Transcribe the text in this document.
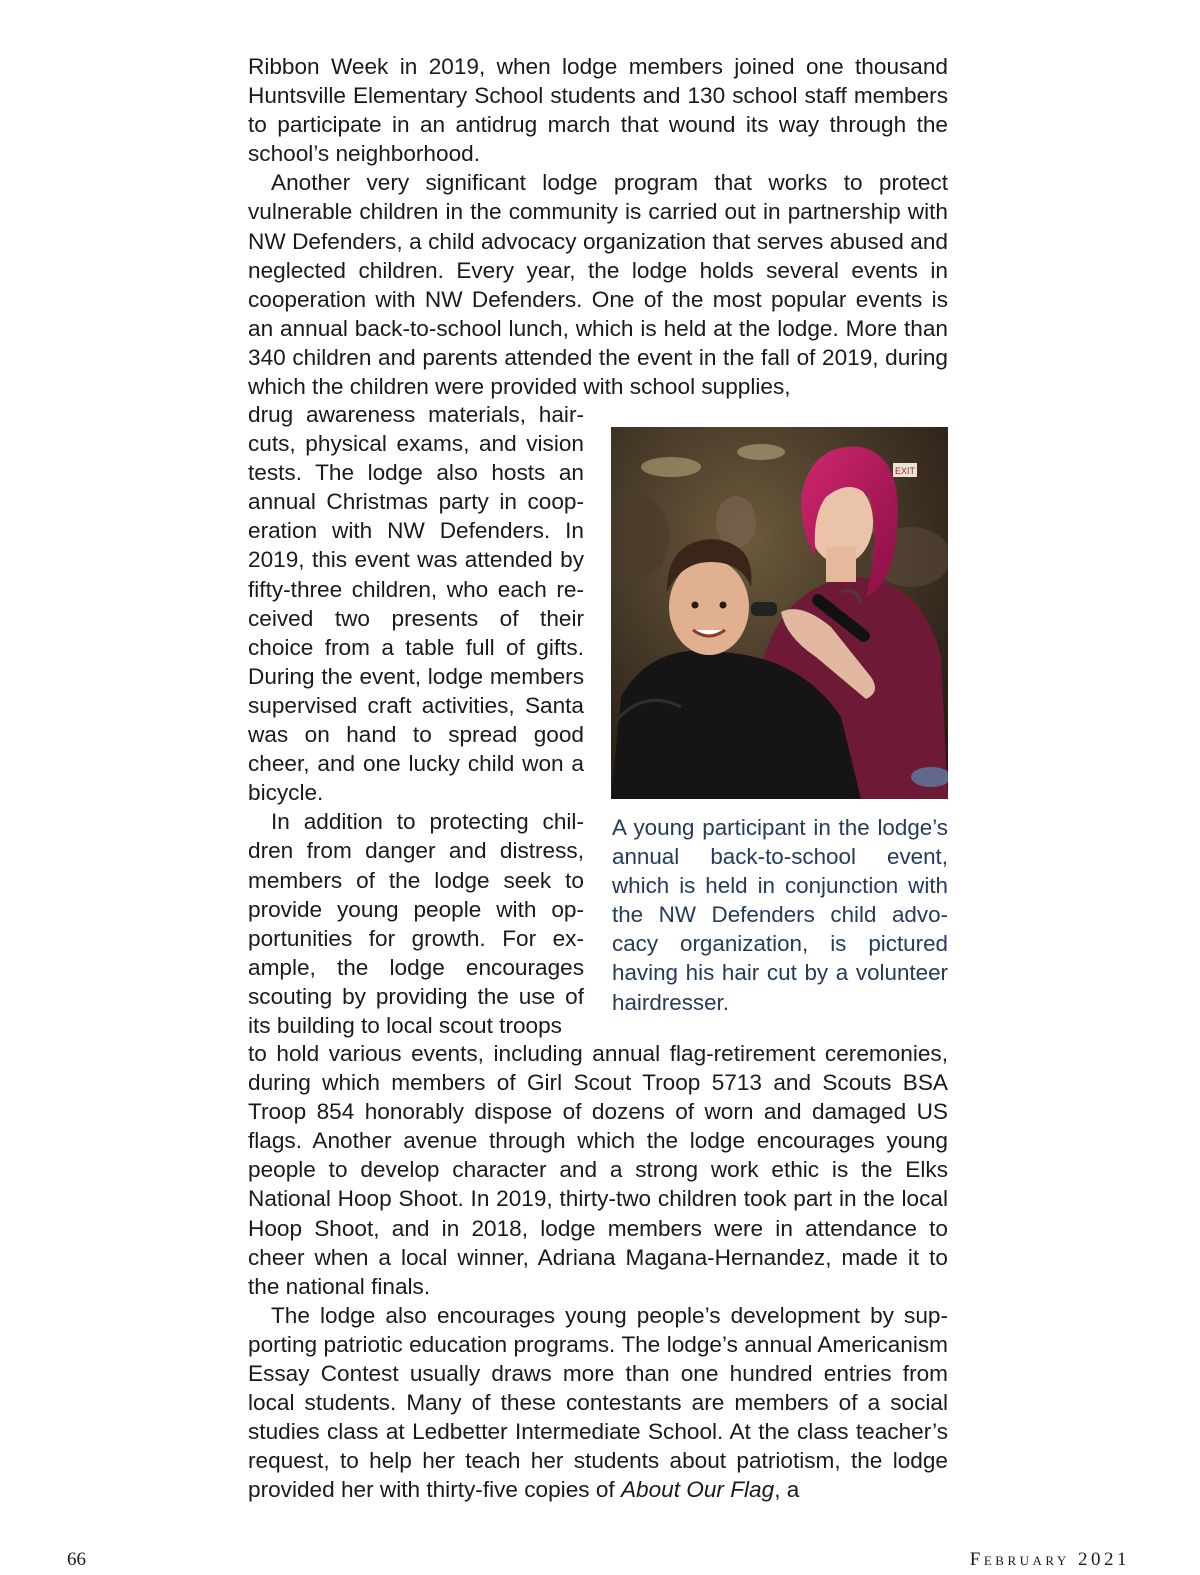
Ribbon Week in 2019, when lodge members joined one thousand Huntsville Elementary School students and 130 school staff members to participate in an antidrug march that wound its way through the school’s neighborhood.

Another very significant lodge program that works to protect vulnerable children in the community is carried out in partnership with NW Defenders, a child advocacy organization that serves abused and neglected children. Every year, the lodge holds several events in cooperation with NW Defenders. One of the most popular events is an annual back-to-school lunch, which is held at the lodge. More than 340 children and parents attended the event in the fall of 2019, during which the children were provided with school supplies,

drug awareness materials, haircuts, physical exams, and vision tests. The lodge also hosts an annual Christmas party in cooperation with NW Defenders. In 2019, this event was attended by fifty-three children, who each received two presents of their choice from a table full of gifts. During the event, lodge members supervised craft activities, Santa was on hand to spread good cheer, and one lucky child won a bicycle.

In addition to protecting children from danger and distress, members of the lodge seek to provide young people with opportunities for growth. For example, the lodge encourages scouting by providing the use of its building to local scout troops

EXIT
A young participant in the lodge’s annual back-to-school event, which is held in conjunction with the NW Defenders child advocacy organization, is pictured having his hair cut by a volunteer hairdresser.

to hold various events, including annual flag-retirement ceremonies, during which members of Girl Scout Troop 5713 and Scouts BSA Troop 854 honorably dispose of dozens of worn and damaged US flags. Another avenue through which the lodge encourages young people to develop character and a strong work ethic is the Elks National Hoop Shoot. In 2019, thirty-two children took part in the local Hoop Shoot, and in 2018, lodge members were in attendance to cheer when a local winner, Adriana Magana-Hernandez, made it to the national finals.

The lodge also encourages young people’s development by supporting patriotic education programs. The lodge’s annual Americanism Essay Contest usually draws more than one hundred entries from local students. Many of these contestants are members of a social studies class at Ledbetter Intermediate School. At the class teacher’s request, to help her teach her students about patriotism, the lodge provided her with thirty-five copies of About Our Flag, a

66	February 2021
